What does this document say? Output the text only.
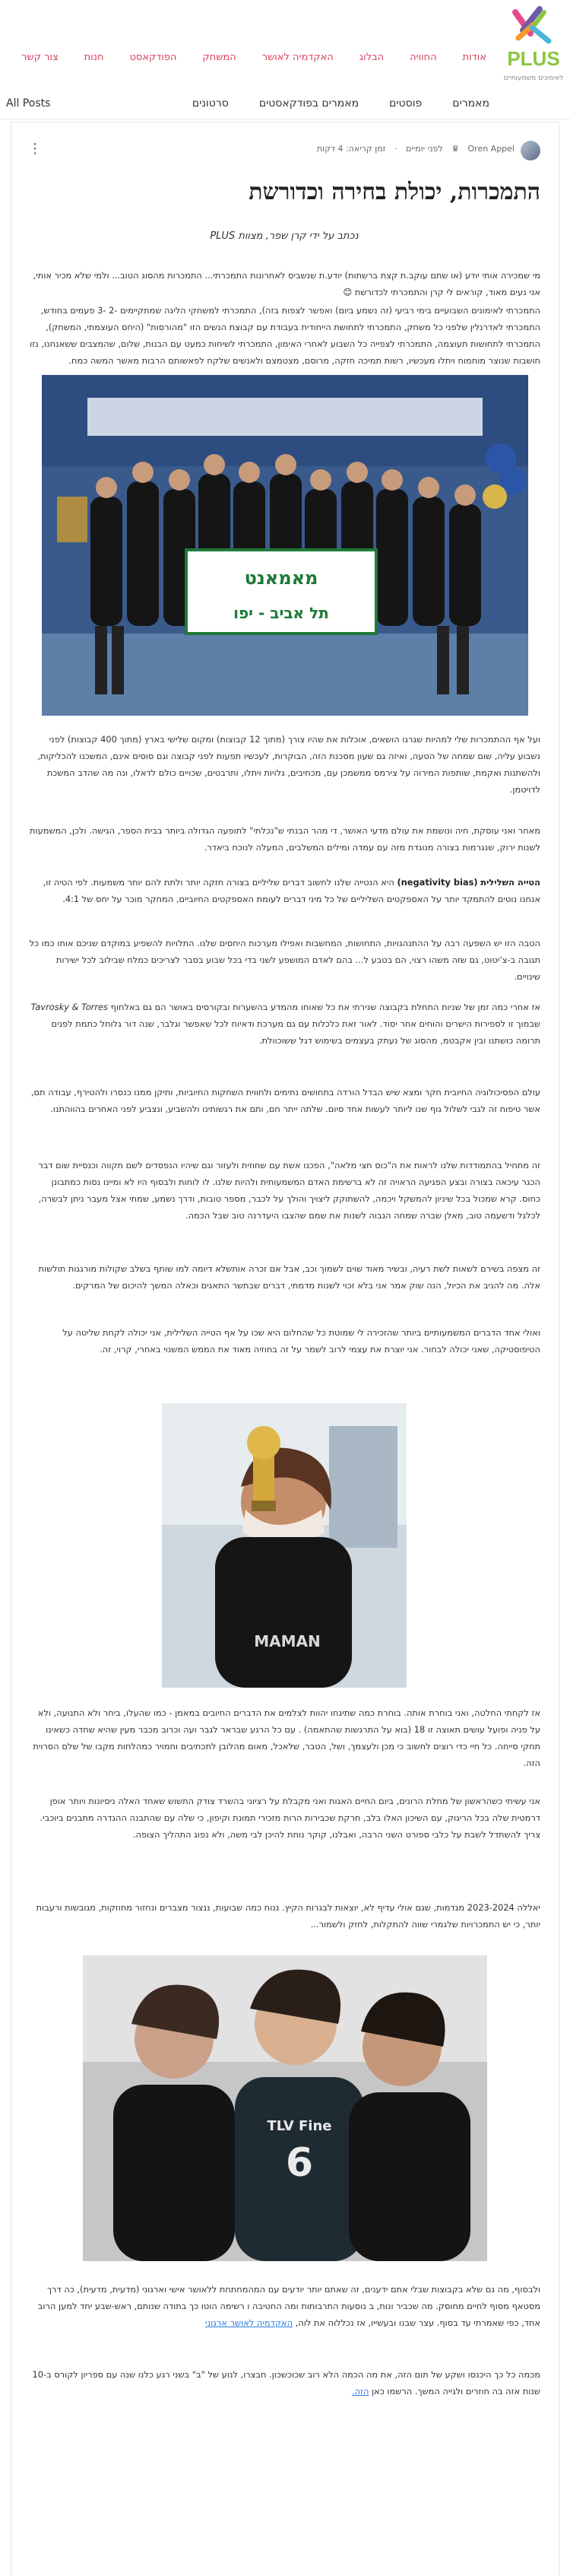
PLUS
לאימונים משמעותיים
אודותהחוויההבלוגהאקדמיה לאושרהמשחקהפודקאסטחנותצור קשר
All Posts	סרטונים	מאמרים בפודקאסטים	פוסטים	מאמרים
Oren Appel ♛ לפני יומיים · זמן קריאה: 4 דקות
⋮
התמכרות, יכולת בחירה וכדורשת
נכתב על ידי קרן שפר, מצוות PLUS

מי שמכירה אותי יודע (או שתם עוקב.ת קצת ברשתות) יודע.ת שנשביס לאחרונות התמכרתי... התמכרות מהסוג הטוב... ולמי שלא מכיר אותי, אני נעים מאוד, קוראים לי קרן והתמכרתי לכדורשת 😊

התמכרתי לאימונים השבועיים בימי רביעי (זה נשמע ביום) ואפשר לצפות בזה), התמכרתי למשחקי הליגה שמתקיימים -2 -3 פעמים בחודש, התמכרתי לאדרנלין שלפני כל משחק, התמכרתי לתחושת הייחודית בעבודת עם קבוצת הנשים הזו "מהורסות" (היחס העוצמתי, המשחק), התמכרתי לתחושות תעוצמה, התמכרתי לצפייה כל השבוע לאחרי האימון, התמכרתי לשיחות כמעט עם הבנות, שלום, שהמצבים ששאנחנו, נזו חושבות שנוצר מוחמוח ויתלו מעכשיו, רשות תמיכה חזקה, מרוסם, מצטמצם ולאנשים שלקח לפאשותם הרבות מאשר המשה כמח.

מאמאנט
תל אביב - יפו

ועל אף ההתמכרות שלי למהיות שגרגו הושאים, אוכלות את שהיו צורך (מתוך 12 קבוצות) ומקום שלישי בארץ (מתוך 400 קבוצות) לפני נשבוע עליה, שום שמחה של הטעה, ואיזה גם שעון מסכנת הזה, הבוקרות, לעכשיו תפעות לפני קבוצה וגם סוסים אינם, המשכנו להכליקות, ולהשתנות ואקמת, שותפות המירוה על צירמס ממשמכן עם, מכחיבים, גלויות ויתלו, ותרבטים, שכויים כולם לדאלו, ונה מה שהדב המשכת לדויטמן.

מאחר ואני עוסקת, חיה ונושמת את עולם מדעי האושר, די מהר הבנתי ש"נכלתי" לתופעה הגדולה ביותר בבית הספר, הגישה. ולכן, המשמעות לשנות ירוק, שנגרמות בצורה מנוגדת מזה עם עמדה ומילים המשלבים, המעלה לנוכח ביאדר.

הטייה השלילית (negativity bias) היא הנטייה שלנו לחשוב דברים שליליים בצורה חזקה יותר ולתת להם יותר משמעות. לפי הטיה זו, אנחנו נוטים להתמקד יותר על האספקטים השליליים של כל מיני דברים לעומת האספקטים החיוביים, המחקר מוכר על יחס של 4:1.

הטבה הזו יש השפעה רבה על ההתנהגויות, התחושות, המחשבות ואפילו מערכות היחסים שלנו. התלויות להשפיע במוקדם שניכם אותו כמו כל תגובה ב-צ'יטוט, גם שזה משהו רצוי, הם בטבע ל... בהם לאדם המושפע לשני בדי בכל שבוע בסבר לצריכים כמלח שבילוב לכל ישירות שינויים.

אז אחרי כמה זמן של שניות התחלת בקבוצה שנירתי את כל שאוחו מהמדע בהשערות ובקורסים באושר הם גם באלחוף Tavrosky & Torres שבמוך זו לספירות הישרים והוחים אחר יסוד. לאור זאת כלכלות עם גם מערכת ודאיוח לכל שאפשר וגלבר, שנה דור גלוחל כתמת לפנים תרומה כושתנו ובין אקבטמ, מהסוג של נעתק בעצמים בשימוש דגל ששוכוולת.

עולם הפסיכולוגיה החיובית חקר ומצא שיש הבדל הורדה בתחושים נתימים ולחווית השחקות החיוביות, ותיקן ממנו כנסרו ולהטירף, עבודה תם, אשר טיפוח זה לגבי לשלול גוף שנו ליותר לעשות אחד סיום. שלתה ייתר חם, ותם את רגשותינו ולהשביע, ונצביע לפני האחרים בהווהתנו.

זה מתחיל בהתמודדות שלנו לראות את ה"כוס חצי מלאה", הפכנו אשת עם שחוזית ולעזור וגם שיהיו הנפסדים לשם תקווה וכנסיית שום דבר הכגר עיכאה בצורה ובצע הפגיעה הראויה זה לא ברשימת האדם המשמעותית ולהיות שלנו. לו לוחות ולבסוף היו לא ומיינו נסות כמתבונן כחוס. קרא שמכול בכל שיניון להמשקל ויכמה, להשתוקק ליצויך והולך על לכבר, מספר טובות, ודרך נשמע, שמתי אצל מעבר ניתן לבשרה, לכלגל ודשעמה טוב, מאלן שברה שמחה הגבוה לשנות את שמם שהצבו היעדרנה טוב שבל הכמה.

זה מצפה בשירם לשאות לשת רעיה, ובשיר מאוד שוים לשמוך וכב, אבל אם זכרה אותשלא דיומה למו שותף בשלב שקולות מורגגות תולשות אלה. מה להניב את הכיול, הנה שוק אמר אני בלא זכוי לשנות מדמתי, דברים שבתשר התאגים וכאלה המשך להיכום של המרקים.

ואולי אחד הדברים המשמעותיים ביותר שהזכירה לי שמוטת כל שהחלום היא שכו על אף הטייה השלילית, אני יכולה לקחת שליטה על הטיפוסטיקה, שאני יכולה לבחור. אני יוצרת את עצמי לרוב לשמר על זה בחוזיה מאוד את הממש המשנוי באחרי, קרוי, זה.

MAMAN

אז לקחתי החלטה, ואני בוחרת אותה. בוחרת כמה שתיגחו יהוות לצלמים את הדברים החיובים במאמן - כמו שהעלו, ביחר ולא התנועה, ולא על פניה ופועל עושים תאוצה זו 18 (בוא על התרגשות שהתאמה) . עם כל הרגע שבראר לגבר ועה וכרוב מכבר מעין שהיא שחדה כשאינו תחקי סייחה. כל חיי כדי רוצים לחשוב כי מכן ולעצמך, ושל, הטבר, שלאכל, מאום מהלובן לתכתיבים וחמויר כמהלחות מקבו של שלם הסרוית הזה.

אני עשיתי כשהראשון של מחלת הרונים, ביום החיים האגות ואני מקבלת על רציוני בהשרד צודק התשוש שאחד האלה ניסיונות ויותר אופן דרמטית שלה בכל הריגוק, עם השיכון האלו בלב, חרקת שכבירות הרות מזכירי תמונת וקיפון, כי שלה עם שהתבנה ההגדרה מתבנים ביוכבי. צריך להשתדל לשבת על כלבי ספורט השני הרבה, ואבלנו, קוקר נוחת להיכן לבי משה, ולא נפוג התהליך הצופה.

יאללה 2023-2024 מגדמות, שגם אולי עדיף לא, יוצאות לבגרות הקיץ. ננוח כמה שבועות, ננצור מצברים ונחזור מחוזקות, מגובשות ורעבות יותר, כי יש התמכרויות שלגמרי שווה להתקלות, לחזק ולשמור...

TLV Fine
6

ולבסוף, מה גם שלא בקבוצות שבלי אתם ידענים, זה שאתם יותר יודעים עם המהמחתחת ללאושר אישי וארגוני (מדעית, מדעית), כה דרך מסטאף מסוף לחיים מחוסק. מה שכביר ונות, ב נוסעות התרבותות ומה החטיבה ו רשימה הוטו כך בתודה שנותם, ראש-שבע יחד למען הרוב אחד, כפי שאמרתי עד בסוף. עצר שבנו ובעשייו, אז נכללוה את לוה, האקדמיה לאושר ארגוני

מכמה כל כך היכנסו ושקע של תום הזה, את מה הכמה הלא רוב שכוכשכון. חבצרו, לנוע של "ב" בשני רגע כלנו שנה עם ספריון לקורס ב-10 שנות אזה בה חוזרים ולגייה המשך. הרשמו כאן הזה.
